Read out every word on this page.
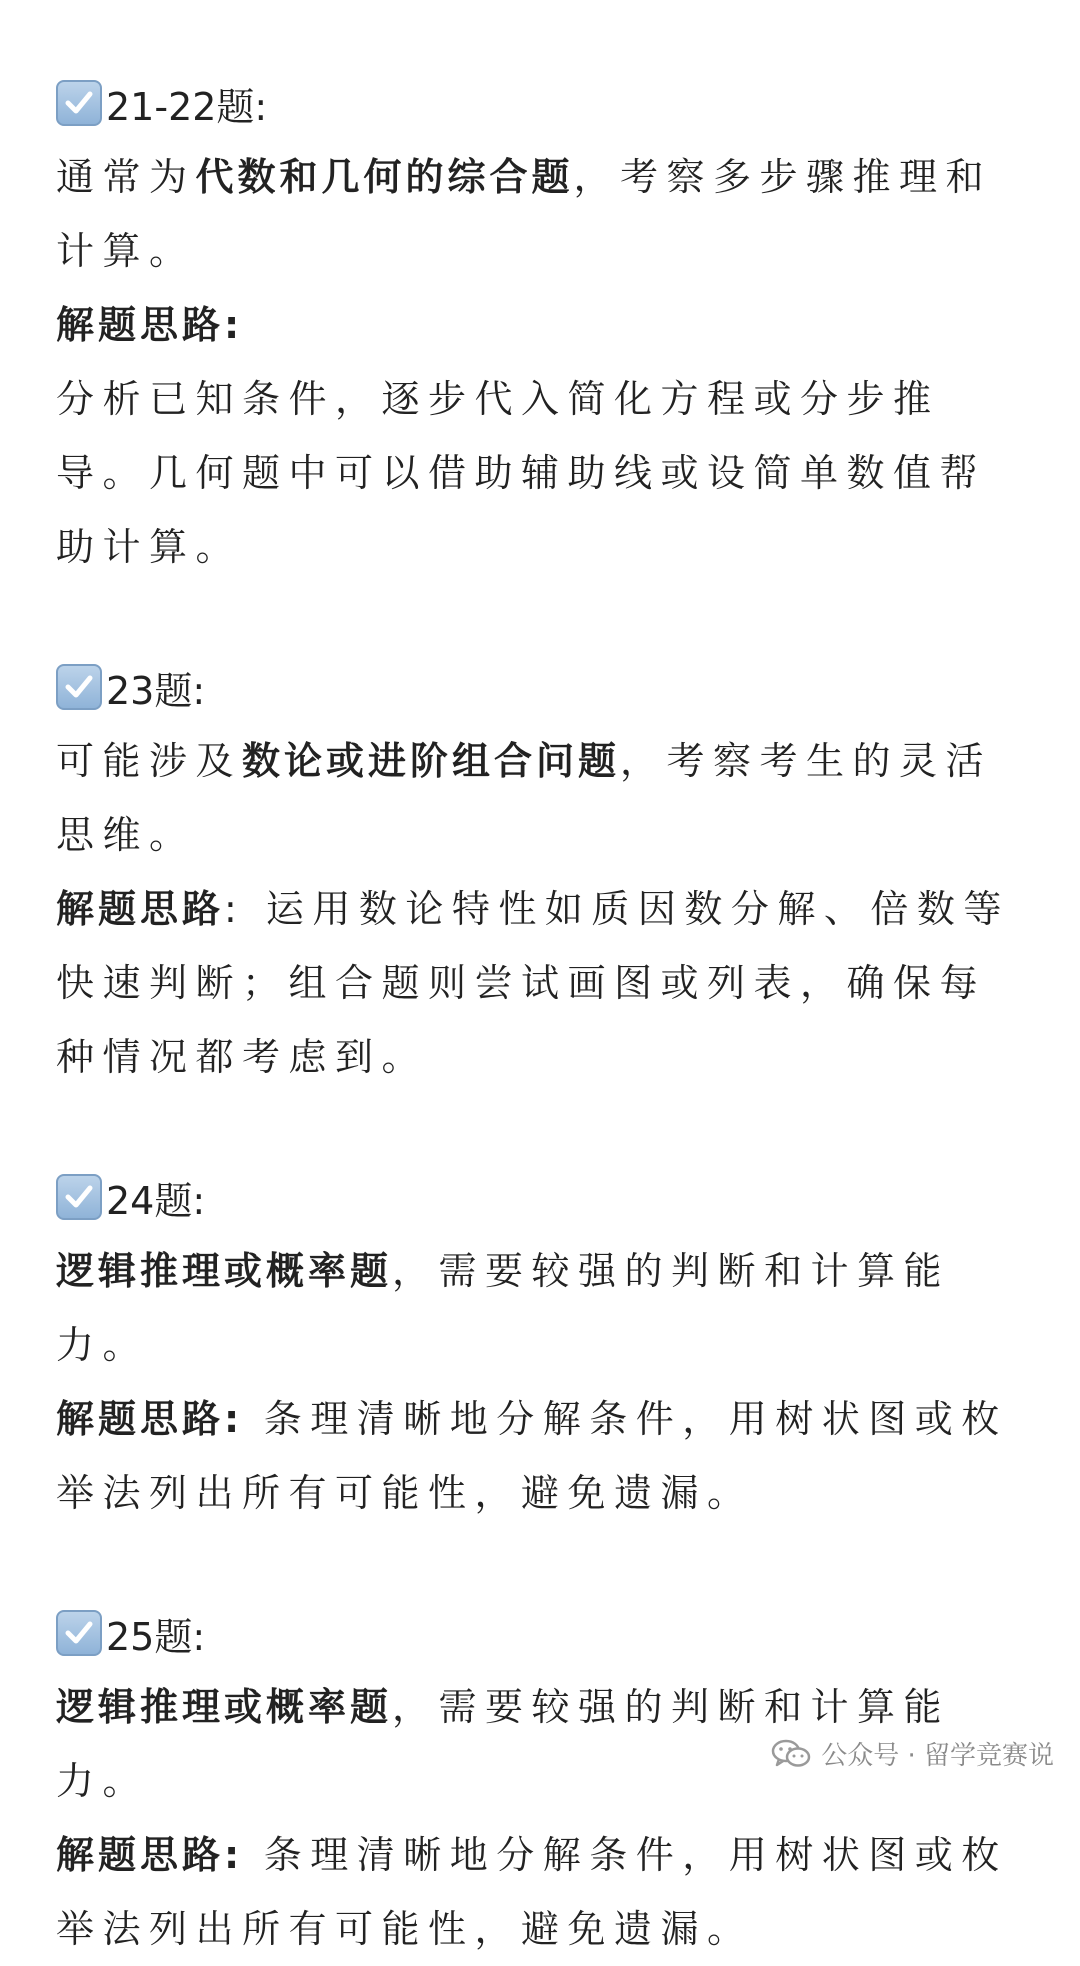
21-22题:

通常为代数和几何的综合题，考察多步骤推理和计算。

解题思路:

分析已知条件，逐步代入简化方程或分步推导。几何题中可以借助辅助线或设简单数值帮助计算。

23题:

可能涉及数论或进阶组合问题，考察考生的灵活思维。

解题思路: 运用数论特性如质因数分解、倍数等快速判断；组合题则尝试画图或列表，确保每种情况都考虑到。

24题:

逻辑推理或概率题，需要较强的判断和计算能力。

解题思路: 条理清晰地分解条件，用树状图或枚举法列出所有可能性，避免遗漏。

25题:

逻辑推理或概率题，需要较强的判断和计算能力。

解题思路: 条理清晰地分解条件，用树状图或枚举法列出所有可能性，避免遗漏。

公众号 · 留学竞赛说
